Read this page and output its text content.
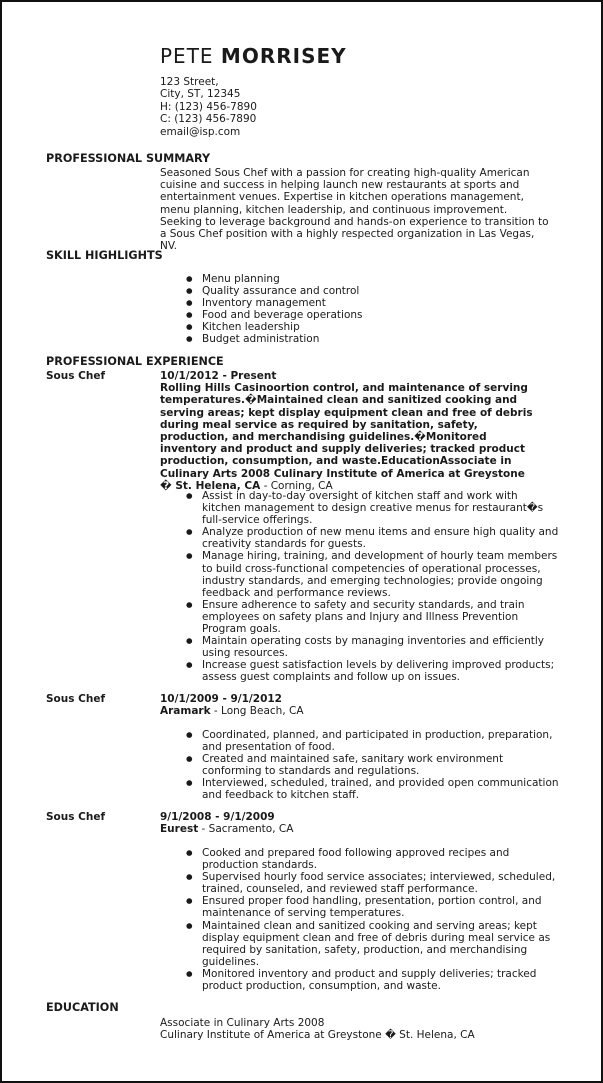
PETE MORRISEY
123 Street,
City, ST, 12345
H: (123) 456-7890
C: (123) 456-7890
email@isp.com
PROFESSIONAL SUMMARY
Seasoned Sous Chef with a passion for creating high-quality American cuisine and success in helping launch new restaurants at sports and entertainment venues. Expertise in kitchen operations management, menu planning, kitchen leadership, and continuous improvement. Seeking to leverage background and hands-on experience to transition to a Sous Chef position with a highly respected organization in Las Vegas, NV.
SKILL HIGHLIGHTS
● Menu planning
● Quality assurance and control
● Inventory management
● Food and beverage operations
● Kitchen leadership
● Budget administration
PROFESSIONAL EXPERIENCE
Sous Chef	10/1/2012 - Present
Rolling Hills Casinoortion control, and maintenance of serving temperatures.�Maintained clean and sanitized cooking and serving areas; kept display equipment clean and free of debris during meal service as required by sanitation, safety, production, and merchandising guidelines.�Monitored inventory and product and supply deliveries; tracked product production, consumption, and waste.EducationAssociate in Culinary Arts 2008 Culinary Institute of America at Greystone � St. Helena, CA - Corning, CA
● Assist in day-to-day oversight of kitchen staff and work with kitchen management to design creative menus for restaurant�s full-service offerings.
● Analyze production of new menu items and ensure high quality and creativity standards for guests.
● Manage hiring, training, and development of hourly team members to build cross-functional competencies of operational processes, industry standards, and emerging technologies; provide ongoing feedback and performance reviews.
● Ensure adherence to safety and security standards, and train employees on safety plans and Injury and Illness Prevention Program goals.
● Maintain operating costs by managing inventories and efficiently using resources.
● Increase guest satisfaction levels by delivering improved products; assess guest complaints and follow up on issues.
Sous Chef	10/1/2009 - 9/1/2012
Aramark - Long Beach, CA
● Coordinated, planned, and participated in production, preparation, and presentation of food.
● Created and maintained safe, sanitary work environment conforming to standards and regulations.
● Interviewed, scheduled, trained, and provided open communication and feedback to kitchen staff.
Sous Chef	9/1/2008 - 9/1/2009
Eurest - Sacramento, CA
● Cooked and prepared food following approved recipes and production standards.
● Supervised hourly food service associates; interviewed, scheduled, trained, counseled, and reviewed staff performance.
● Ensured proper food handling, presentation, portion control, and maintenance of serving temperatures.
● Maintained clean and sanitized cooking and serving areas; kept display equipment clean and free of debris during meal service as required by sanitation, safety, production, and merchandising guidelines.
● Monitored inventory and product and supply deliveries; tracked product production, consumption, and waste.
EDUCATION
Associate in Culinary Arts 2008
Culinary Institute of America at Greystone � St. Helena, CA
